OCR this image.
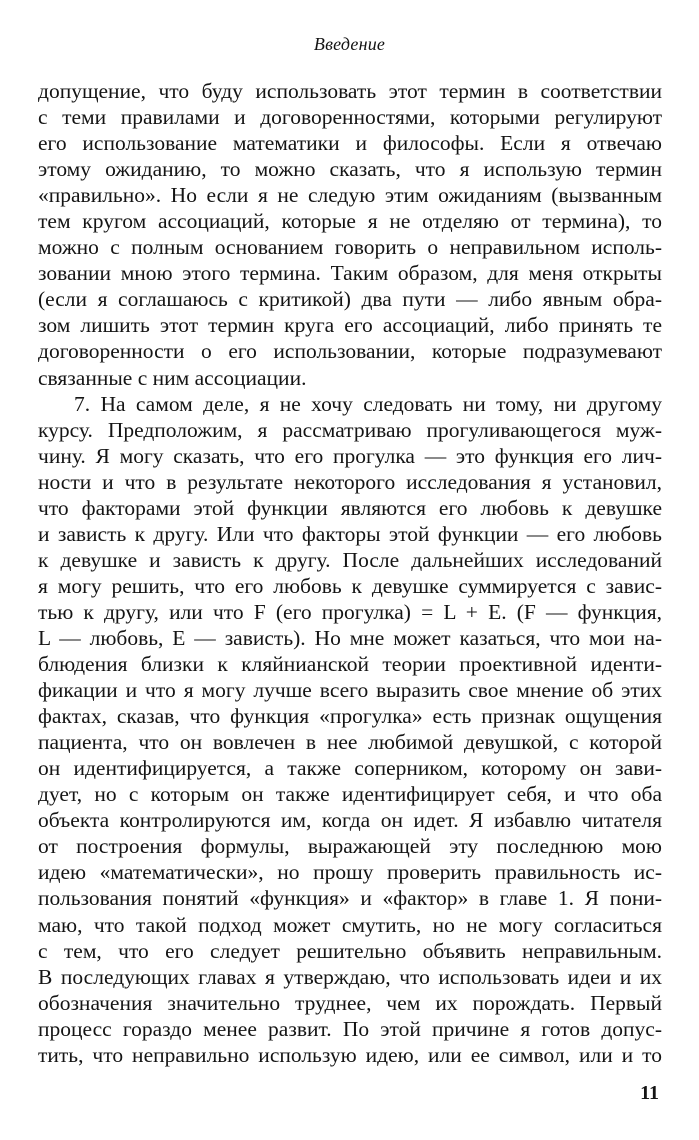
Введение
допущение, что буду использовать этот термин в соответствии
с теми правилами и договоренностями, которыми регулируют
его использование математики и философы. Если я отвечаю
этому ожиданию, то можно сказать, что я использую термин
«правильно». Но если я не следую этим ожиданиям (вызванным
тем кругом ассоциаций, которые я не отделяю от термина), то
можно с полным основанием говорить о неправильном исполь-
зовании мною этого термина. Таким образом, для меня открыты
(если я соглашаюсь с критикой) два пути — либо явным обра-
зом лишить этот термин круга его ассоциаций, либо принять те
договоренности о его использовании, которые подразумевают
связанные с ним ассоциации.
7. На самом деле, я не хочу следовать ни тому, ни другому
курсу. Предположим, я рассматриваю прогуливающегося муж-
чину. Я могу сказать, что его прогулка — это функция его лич-
ности и что в результате некоторого исследования я установил,
что факторами этой функции являются его любовь к девушке
и зависть к другу. Или что факторы этой функции — его любовь
к девушке и зависть к другу. После дальнейших исследований
я могу решить, что его любовь к девушке суммируется с завис-
тью к другу, или что F (его прогулка) = L + E. (F — функция,
L — любовь, E — зависть). Но мне может казаться, что мои на-
блюдения близки к кляйнианской теории проективной иденти-
фикации и что я могу лучше всего выразить свое мнение об этих
фактах, сказав, что функция «прогулка» есть признак ощущения
пациента, что он вовлечен в нее любимой девушкой, с которой
он идентифицируется, а также соперником, которому он зави-
дует, но с которым он также идентифицирует себя, и что оба
объекта контролируются им, когда он идет. Я избавлю читателя
от построения формулы, выражающей эту последнюю мою
идею «математически», но прошу проверить правильность ис-
пользования понятий «функция» и «фактор» в главе 1. Я пони-
маю, что такой подход может смутить, но не могу согласиться
с тем, что его следует решительно объявить неправильным.
В последующих главах я утверждаю, что использовать идеи и их
обозначения значительно труднее, чем их порождать. Первый
процесс гораздо менее развит. По этой причине я готов допус-
тить, что неправильно использую идею, или ее символ, или и то
11
